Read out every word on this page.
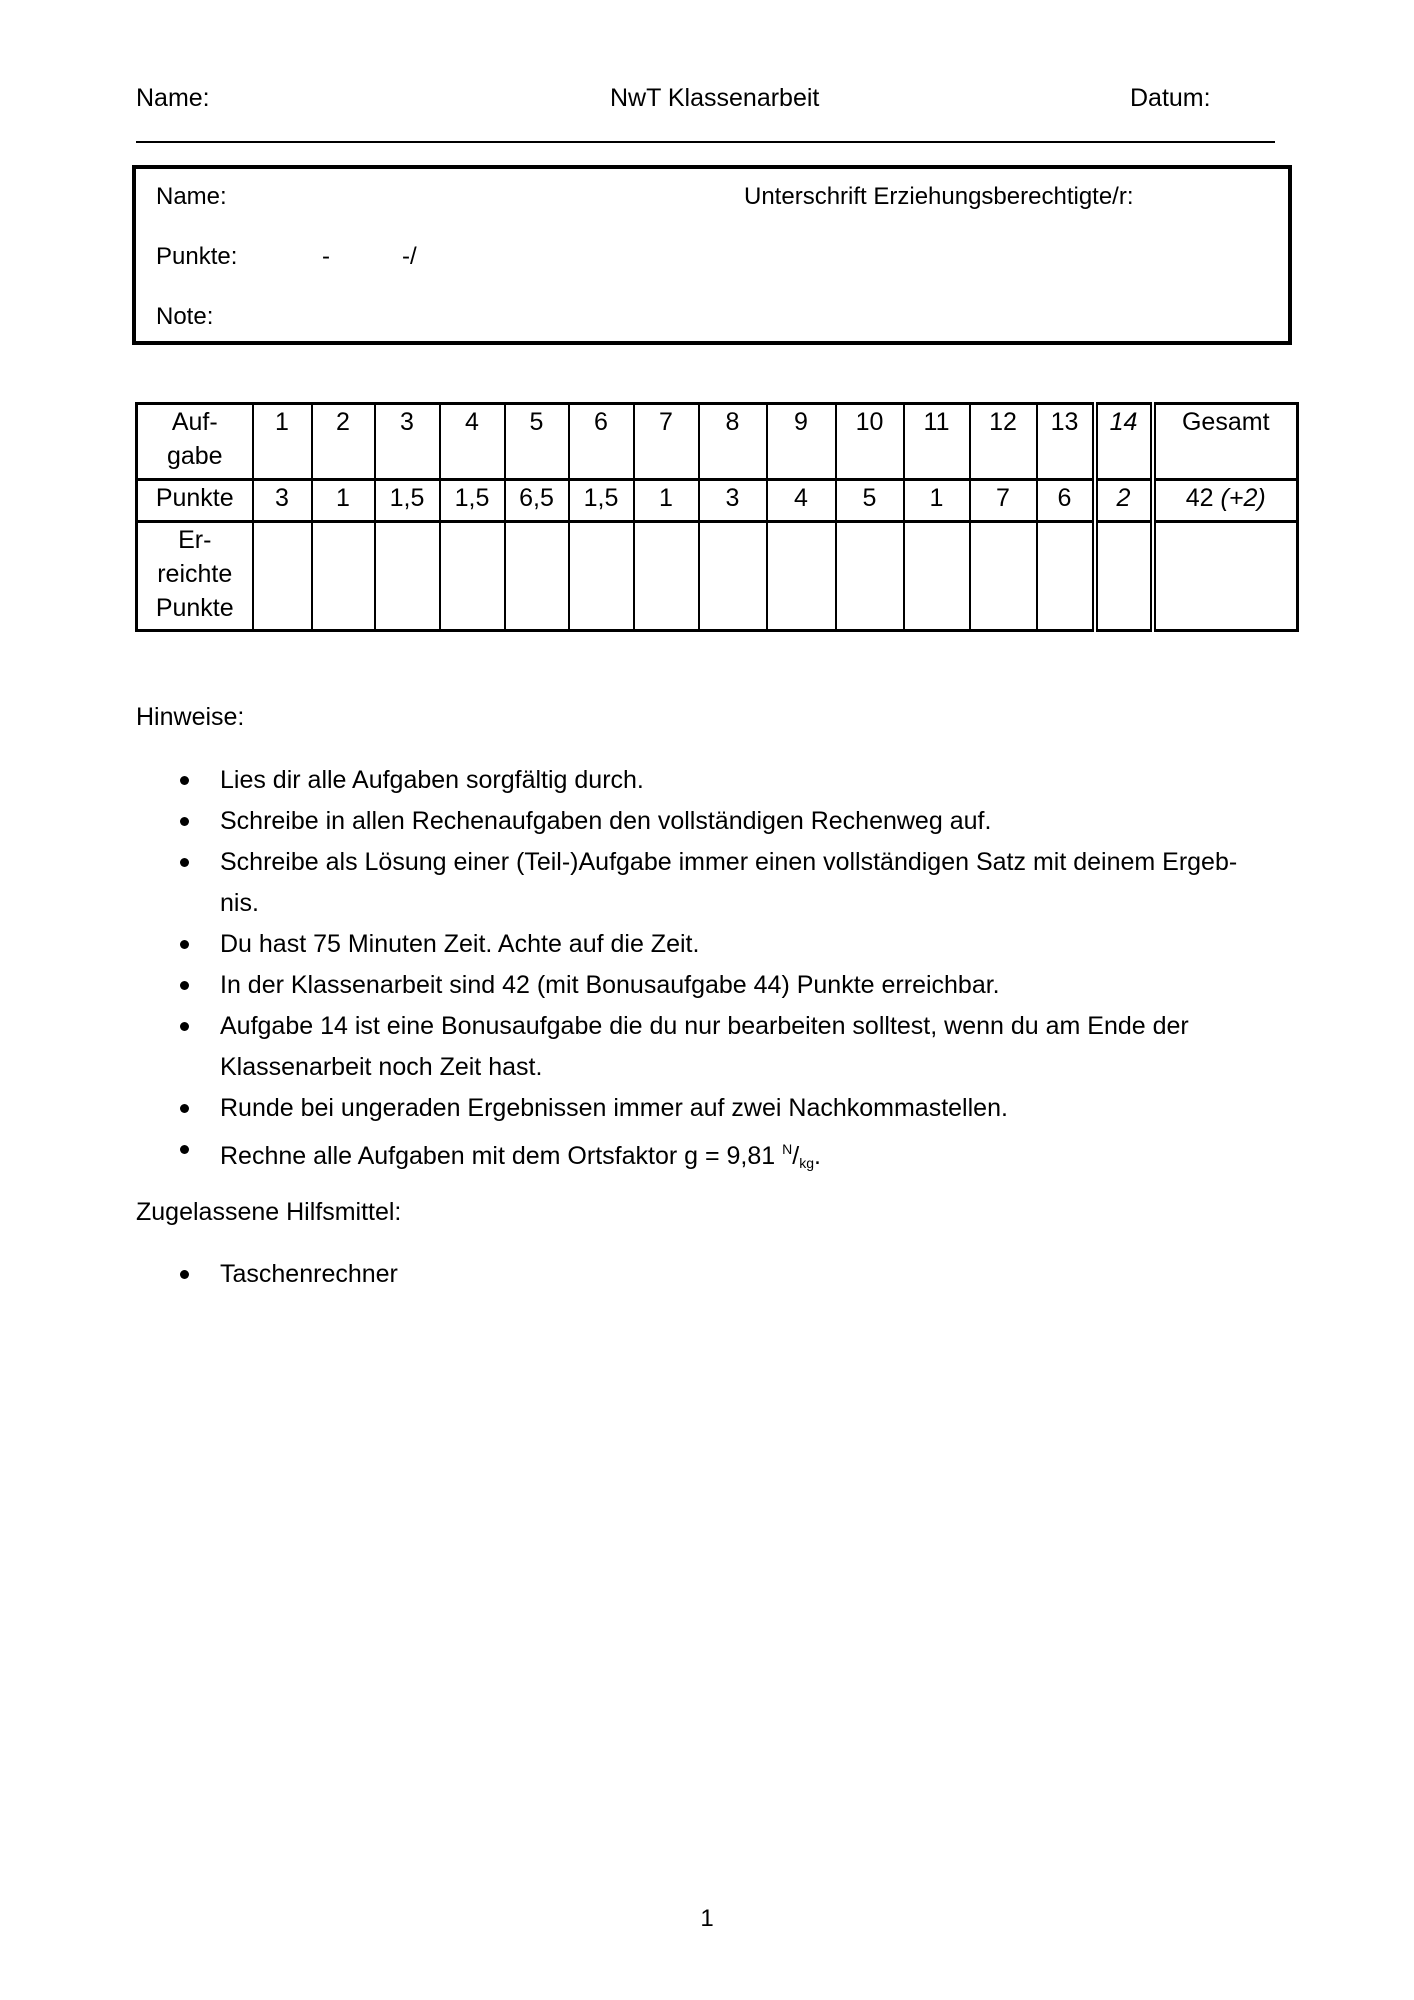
Name:	NwT Klassenarbeit	Datum:
Name:	Unterschrift Erziehungsberechtigte/r:
Punkte:	-	-/
Note:
Auf-
gabe	1	2	3	4	5	6	7	8	9	10	11	12	13	14	Gesamt
Punkte	3	1	1,5	1,5	6,5	1,5	1	3	4	5	1	7	6	2	42 (+2)

Er-
reichte
Punkte															

Hinweise:
Lies dir alle Aufgaben sorgfältig durch.
Schreibe in allen Rechenaufgaben den vollständigen Rechenweg auf.
Schreibe als Lösung einer (Teil-)Aufgabe immer einen vollständigen Satz mit deinem Ergeb-
nis.
Du hast 75 Minuten Zeit. Achte auf die Zeit.
In der Klassenarbeit sind 42 (mit Bonusaufgabe 44) Punkte erreichbar.
Aufgabe 14 ist eine Bonusaufgabe die du nur bearbeiten solltest, wenn du am Ende der
Klassenarbeit noch Zeit hast.
Runde bei ungeraden Ergebnissen immer auf zwei Nachkommastellen.
Rechne alle Aufgaben mit dem Ortsfaktor g = 9,81 $^N/_{kg}$.
Zugelassene Hilfsmittel:
Taschenrechner
1
